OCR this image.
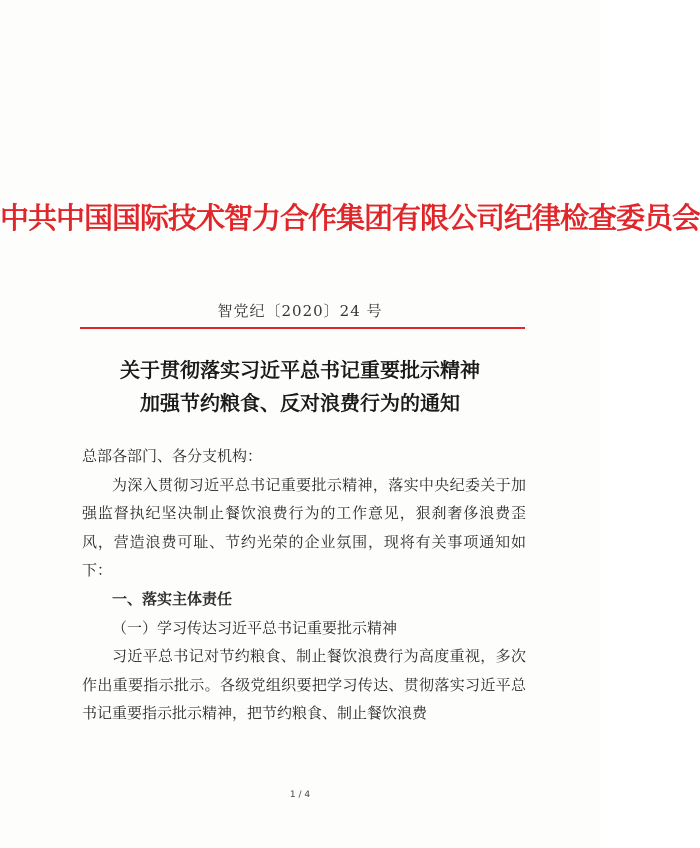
中共中国国际技术智力合作集团有限公司纪律检查委员会
智党纪〔2020〕24 号
关于贯彻落实习近平总书记重要批示精神
加强节约粮食、反对浪费行为的通知

总部各部门、各分支机构：

为深入贯彻习近平总书记重要批示精神，落实中央纪委关于加强监督执纪坚决制止餐饮浪费行为的工作意见，狠刹奢侈浪费歪风，营造浪费可耻、节约光荣的企业氛围，现将有关事项通知如下：

一、落实主体责任

（一）学习传达习近平总书记重要批示精神

习近平总书记对节约粮食、制止餐饮浪费行为高度重视，多次作出重要指示批示。各级党组织要把学习传达、贯彻落实习近平总书记重要指示批示精神，把节约粮食、制止餐饮浪费

1 / 4
